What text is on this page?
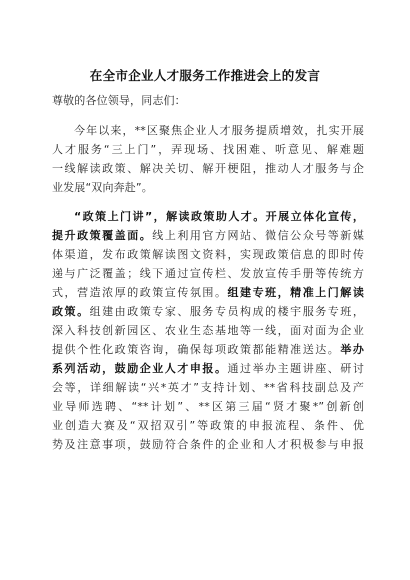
在全市企业人才服务工作推进会上的发言
尊敬的各位领导，同志们：
今年以来，**区聚焦企业人才服务提质增效，扎实开展
人才服务“三上门”，弄现场、找困难、听意见、解难题
一线解读政策、解决关切、解开梗阻，推动人才服务与企
业发展“双向奔赴”。
“政策上门讲”，解读政策助人才。开展立体化宣传，
提升政策覆盖面。线上利用官方网站、微信公众号等新媒
体渠道，发布政策解读图文资料，实现政策信息的即时传
递与广泛覆盖；线下通过宣传栏、发放宣传手册等传统方
式，营造浓厚的政策宣传氛围。组建专班，精准上门解读
政策。组建由政策专家、服务专员构成的楼宇服务专班，
深入科技创新园区、农业生态基地等一线，面对面为企业
提供个性化政策咨询，确保每项政策都能精准送达。举办
系列活动，鼓励企业人才申报。通过举办主题讲座、研讨
会等，详细解读“兴*英才”支持计划、**省科技副总及产
业导师选聘、“**计划”、**区第三届“贤才聚*”创新创
业创造大赛及“双招双引”等政策的申报流程、条件、优
势及注意事项，鼓励符合条件的企业和人才积极参与申报
